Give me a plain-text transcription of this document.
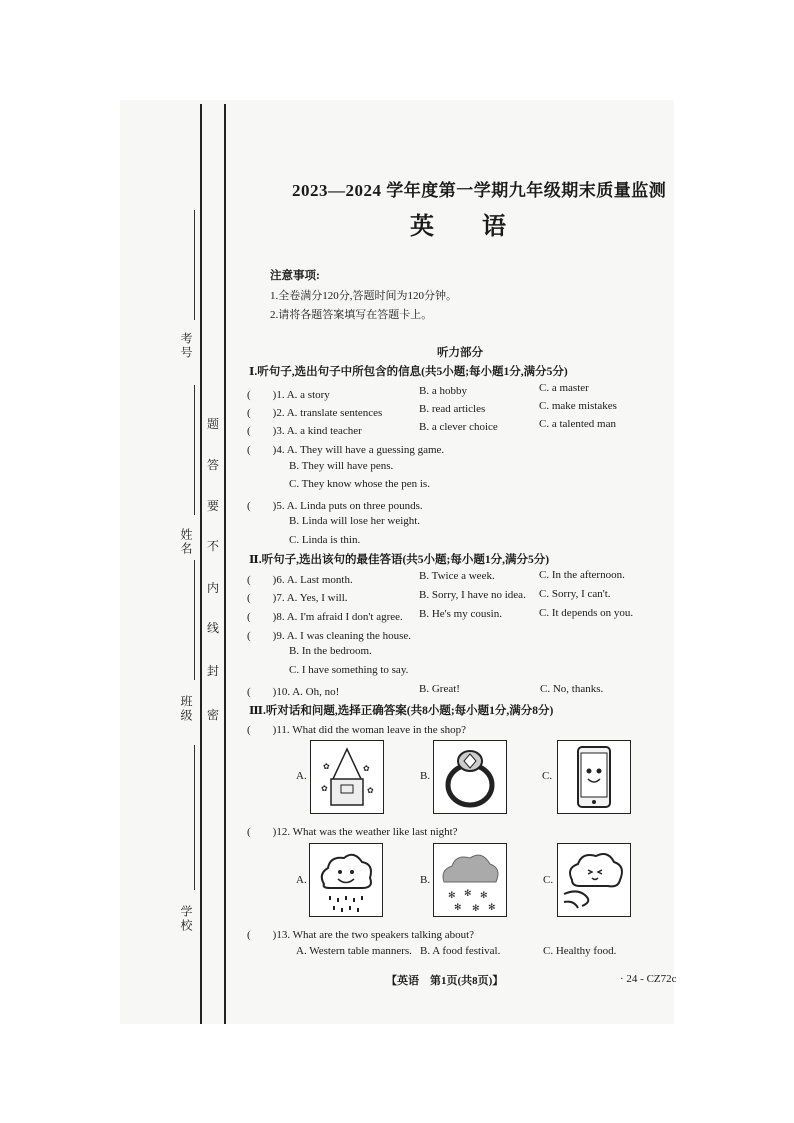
考号
姓名
班级
学校
密
封
线
内
不
要
答
题
2023—2024 学年度第一学期九年级期末质量监测
英　　语
注意事项:
1.全卷满分120分,答题时间为120分钟。
2.请将各题答案填写在答题卡上。
听力部分
Ⅰ.听句子,选出句子中所包含的信息(共5小题;每小题1分,满分5分)
(　　)1. A. a story	B. a hobby	C. a master
(　　)2. A. translate sentences	B. read articles	C. make mistakes
(　　)3. A. a kind teacher	B. a clever choice	C. a talented man
(　　)4. A. They will have a guessing game.
B. They will have pens.
C. They know whose the pen is.
(　　)5. A. Linda puts on three pounds.
B. Linda will lose her weight.
C. Linda is thin.
Ⅱ.听句子,选出该句的最佳答语(共5小题;每小题1分,满分5分)
(　　)6. A. Last month.	B. Twice a week.	C. In the afternoon.
(　　)7. A. Yes, I will.	B. Sorry, I have no idea. C. Sorry, I can't.
(　　)8. A. I'm afraid I don't agree. B. He's my cousin.	C. It depends on you.
(　　)9. A. I was cleaning the house.
B. In the bedroom.
C. I have something to say.
(　　)10. A. Oh, no!	B. Great!	C. No, thanks.
Ⅲ.听对话和问题,选择正确答案(共8小题;每小题1分,满分8分)
(　　)11. What did the woman leave in the shop?
A.
✿	✿
✿	✿
B.	C.
(　　)12. What was the weather like last night?
A.	B.
✻ ✻ ✻
✻ ✻ ✻
C.
(　　)13. What are the two speakers talking about?
A. Western table manners. B. A food festival.	C. Healthy food.
【英语　第1页(共8页)】	· 24 - CZ72c
